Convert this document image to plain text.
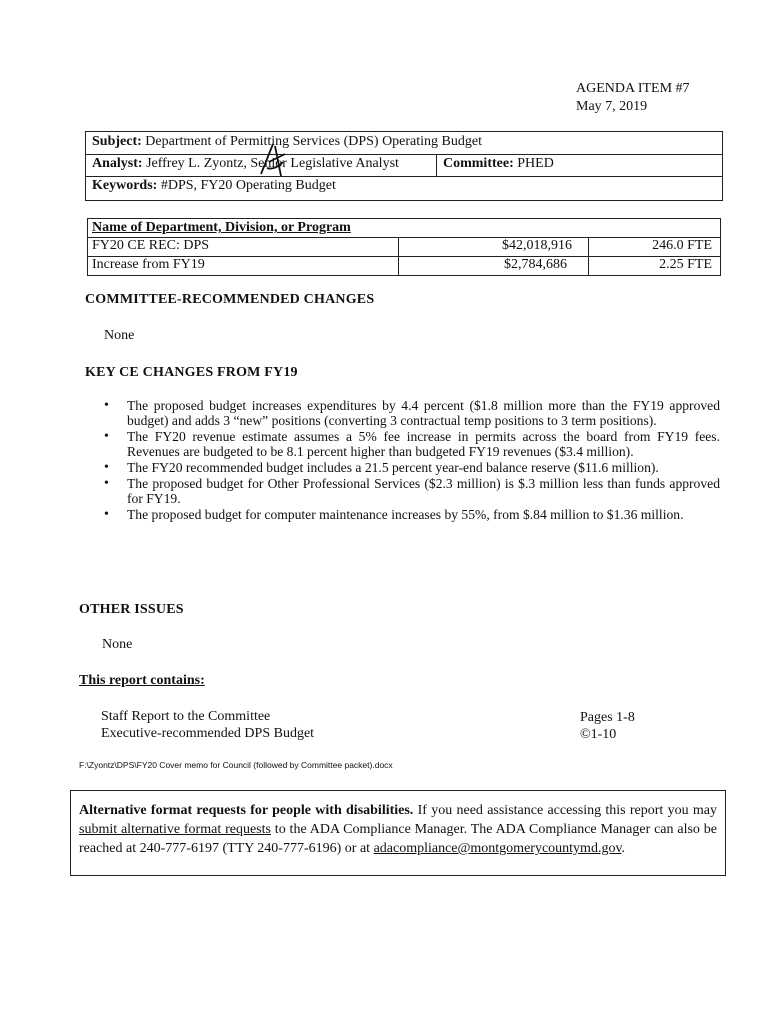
AGENDA ITEM #7
May 7, 2019
Subject: Department of Permitting Services (DPS) Operating Budget
Analyst: Jeffrey L. Zyontz, Senior Legislative Analyst	Committee: PHED
Keywords: #DPS, FY20 Operating Budget
Name of Department, Division, or Program
FY20 CE REC: DPS	$42,018,916	246.0 FTE
Increase from FY19	$2,784,686	2.25 FTE
COMMITTEE-RECOMMENDED CHANGES
None
KEY CE CHANGES FROM FY19
• The proposed budget increases expenditures by 4.4 percent ($1.8 million more than the FY19 approved budget) and adds 3 “new” positions (converting 3 contractual temp positions to 3 term positions).
• The FY20 revenue estimate assumes a 5% fee increase in permits across the board from FY19 fees. Revenues are budgeted to be 8.1 percent higher than budgeted FY19 revenues ($3.4 million).
• The FY20 recommended budget includes a 21.5 percent year-end balance reserve ($11.6 million).
• The proposed budget for Other Professional Services ($2.3 million) is $.3 million less than funds approved for FY19.
• The proposed budget for computer maintenance increases by 55%, from $.84 million to $1.36 million.
OTHER ISSUES
None
This report contains:
Staff Report to the Committee	Pages 1-8
Executive-recommended DPS Budget	©1-10
F:\Zyontz\DPS\FY20 Cover memo for Council (followed by Committee packet).docx

Alternative format requests for people with disabilities. If you need assistance accessing this report you may submit alternative format requests to the ADA Compliance Manager. The ADA Compliance Manager can also be reached at 240-777-6197 (TTY 240-777-6196) or at adacompliance@montgomerycountymd.gov.
